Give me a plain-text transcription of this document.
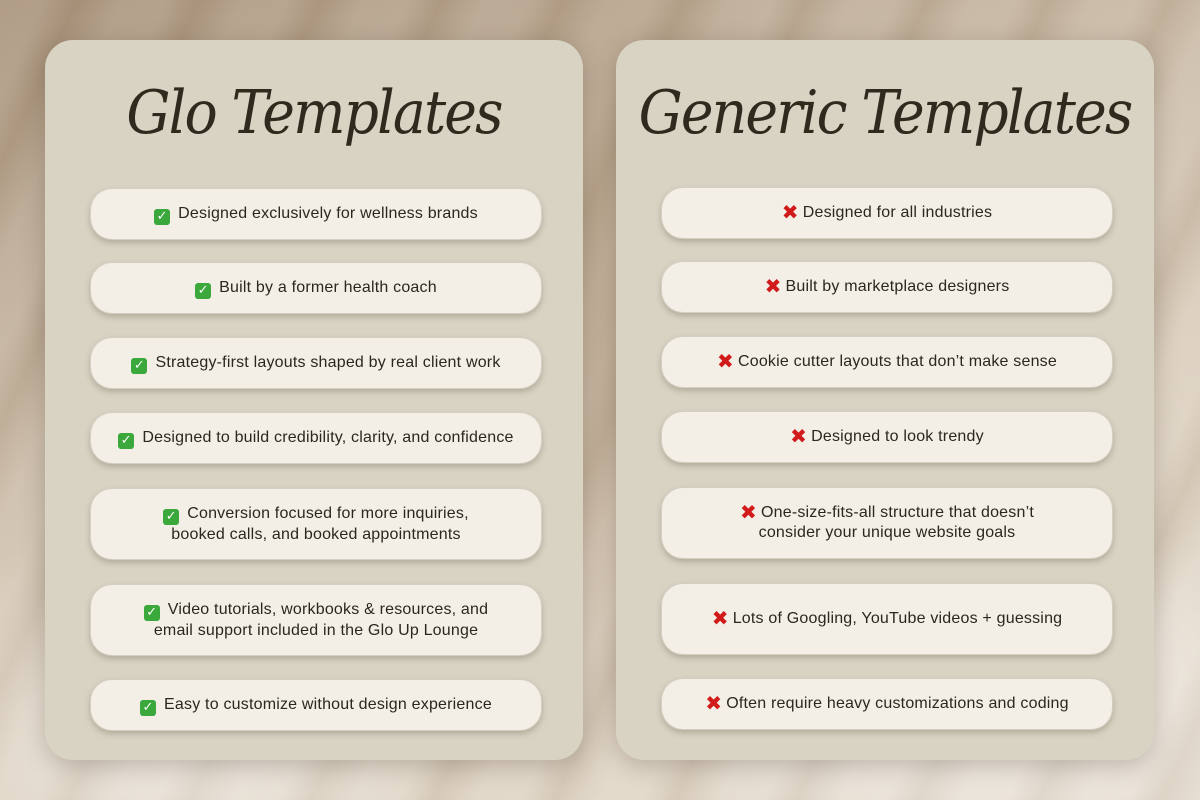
Glo Templates
✓ Designed exclusively for wellness brands
✓ Built by a former health coach
✓ Strategy-first layouts shaped by real client work
✓ Designed to build credibility, clarity, and confidence
✓ Conversion focused for more inquiries, booked calls, and booked appointments
✓ Video tutorials, workbooks & resources, and email support included in the Glo Up Lounge
✓ Easy to customize without design experience
Generic Templates
✖ Designed for all industries
✖ Built by marketplace designers
✖ Cookie cutter layouts that don’t make sense
✖ Designed to look trendy
✖ One-size-fits-all structure that doesn’t consider your unique website goals
✖ Lots of Googling, YouTube videos + guessing
✖ Often require heavy customizations and coding
